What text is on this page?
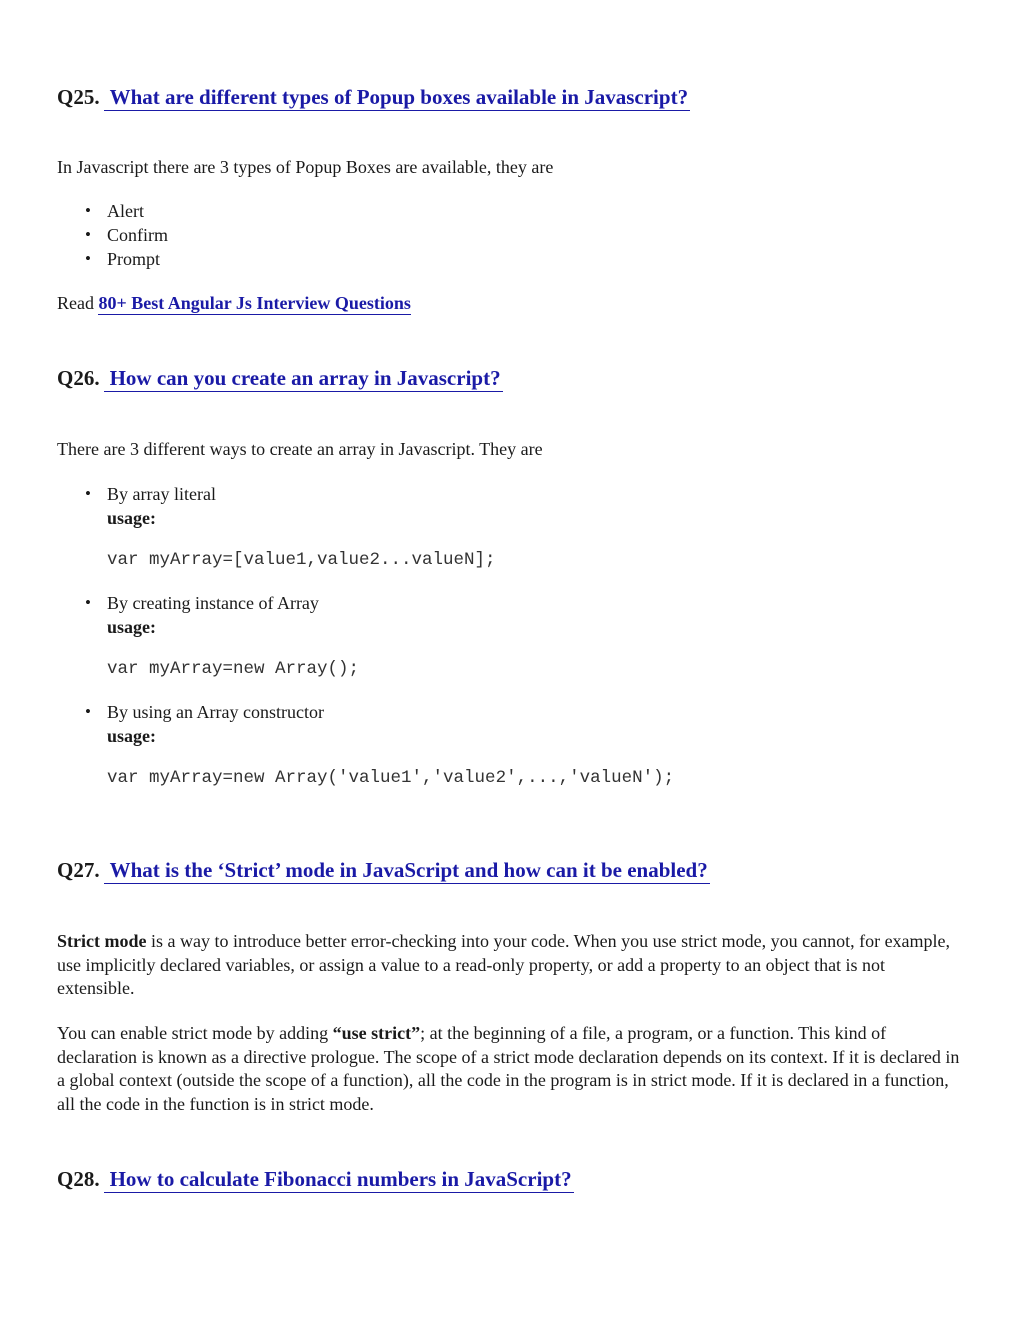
Q25. What are different types of Popup boxes available in Javascript?

In Javascript there are 3 types of Popup Boxes are available, they are

• Alert
• Confirm
• Prompt

Read 80+ Best Angular Js Interview Questions

Q26. How can you create an array in Javascript?

There are 3 different ways to create an array in Javascript. They are

• By array literal
usage:
var myArray=[value1,value2...valueN];
• By creating instance of Array
usage:
var myArray=new Array();
• By using an Array constructor
usage:
var myArray=new Array('value1','value2',...,'valueN');
Q27. What is the ‘Strict’ mode in JavaScript and how can it be enabled?

Strict mode is a way to introduce better error-checking into your code. When you use strict mode, you cannot, for example, use implicitly declared variables, or assign a value to a read-only property, or add a property to an object that is not extensible.

You can enable strict mode by adding “use strict”; at the beginning of a file, a program, or a function. This kind of declaration is known as a directive prologue. The scope of a strict mode declaration depends on its context. If it is declared in a global context (outside the scope of a function), all the code in the program is in strict mode. If it is declared in a function, all the code in the function is in strict mode.

Q28. How to calculate Fibonacci numbers in JavaScript?
